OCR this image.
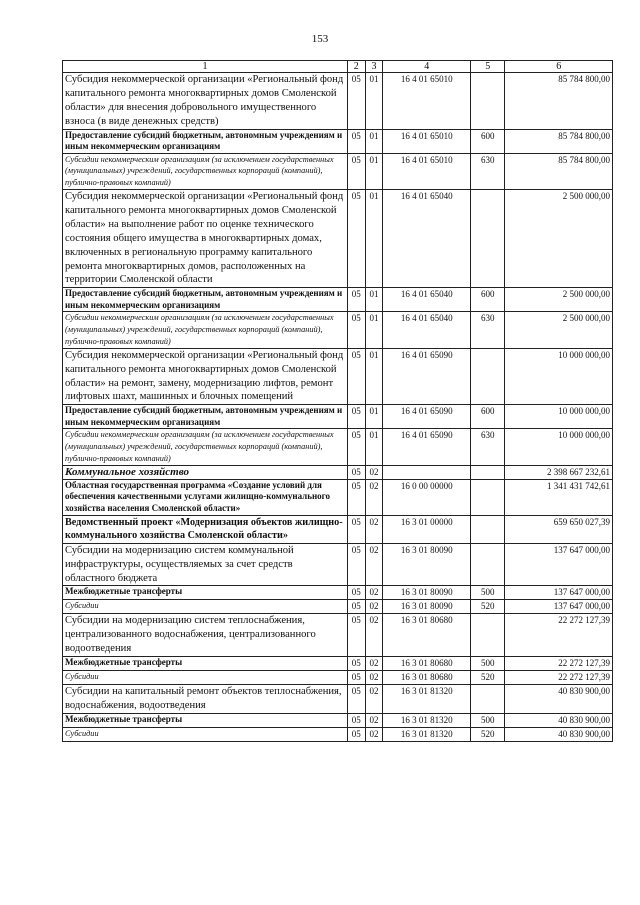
153
1	2	3	4	5	6
Субсидия некоммерческой организации «Региональный фонд капитального ремонта многоквартирных домов Смоленской области» для внесения добровольного имущественного взноса (в виде денежных средств)	05	01	16 4 01 65010		85 784 800,00
Предоставление субсидий бюджетным, автономным учреждениям и иным некоммерческим организациям	05	01	16 4 01 65010	600	85 784 800,00
Субсидии некоммерческим организациям (за исключением государственных (муниципальных) учреждений, государственных корпораций (компаний), публично-правовых компаний)	05	01	16 4 01 65010	630	85 784 800,00
Субсидия некоммерческой организации «Региональный фонд капитального ремонта многоквартирных домов Смоленской области» на выполнение работ по оценке технического состояния общего имущества в многоквартирных домах, включенных в региональную программу капитального ремонта многоквартирных домов, расположенных на территории Смоленской области	05	01	16 4 01 65040		2 500 000,00
Предоставление субсидий бюджетным, автономным учреждениям и иным некоммерческим организациям	05	01	16 4 01 65040	600	2 500 000,00
Субсидии некоммерческим организациям (за исключением государственных (муниципальных) учреждений, государственных корпораций (компаний), публично-правовых компаний)	05	01	16 4 01 65040	630	2 500 000,00
Субсидия некоммерческой организации «Региональный фонд капитального ремонта многоквартирных домов Смоленской области» на ремонт, замену, модернизацию лифтов, ремонт лифтовых шахт, машинных и блочных помещений	05	01	16 4 01 65090		10 000 000,00
Предоставление субсидий бюджетным, автономным учреждениям и иным некоммерческим организациям	05	01	16 4 01 65090	600	10 000 000,00
Субсидии некоммерческим организациям (за исключением государственных (муниципальных) учреждений, государственных корпораций (компаний), публично-правовых компаний)	05	01	16 4 01 65090	630	10 000 000,00
Коммунальное хозяйство	05	02			2 398 667 232,61
Областная государственная программа «Создание условий для обеспечения качественными услугами жилищно-коммунального хозяйства населения Смоленской области»	05	02	16 0 00 00000		1 341 431 742,61
Ведомственный проект «Модернизация объектов жилищно-коммунального хозяйства Смоленской области»	05	02	16 3 01 00000		659 650 027,39
Субсидии на модернизацию систем коммунальной инфраструктуры, осуществляемых за счет средств областного бюджета	05	02	16 3 01 80090		137 647 000,00
Межбюджетные трансферты	05	02	16 3 01 80090	500	137 647 000,00
Субсидии	05	02	16 3 01 80090	520	137 647 000,00
Субсидии на модернизацию систем теплоснабжения, централизованного водоснабжения, централизованного водоотведения	05	02	16 3 01 80680		22 272 127,39
Межбюджетные трансферты	05	02	16 3 01 80680	500	22 272 127,39
Субсидии	05	02	16 3 01 80680	520	22 272 127,39
Субсидии на капитальный ремонт объектов теплоснабжения, водоснабжения, водоотведения	05	02	16 3 01 81320		40 830 900,00
Межбюджетные трансферты	05	02	16 3 01 81320	500	40 830 900,00
Субсидии	05	02	16 3 01 81320	520	40 830 900,00
